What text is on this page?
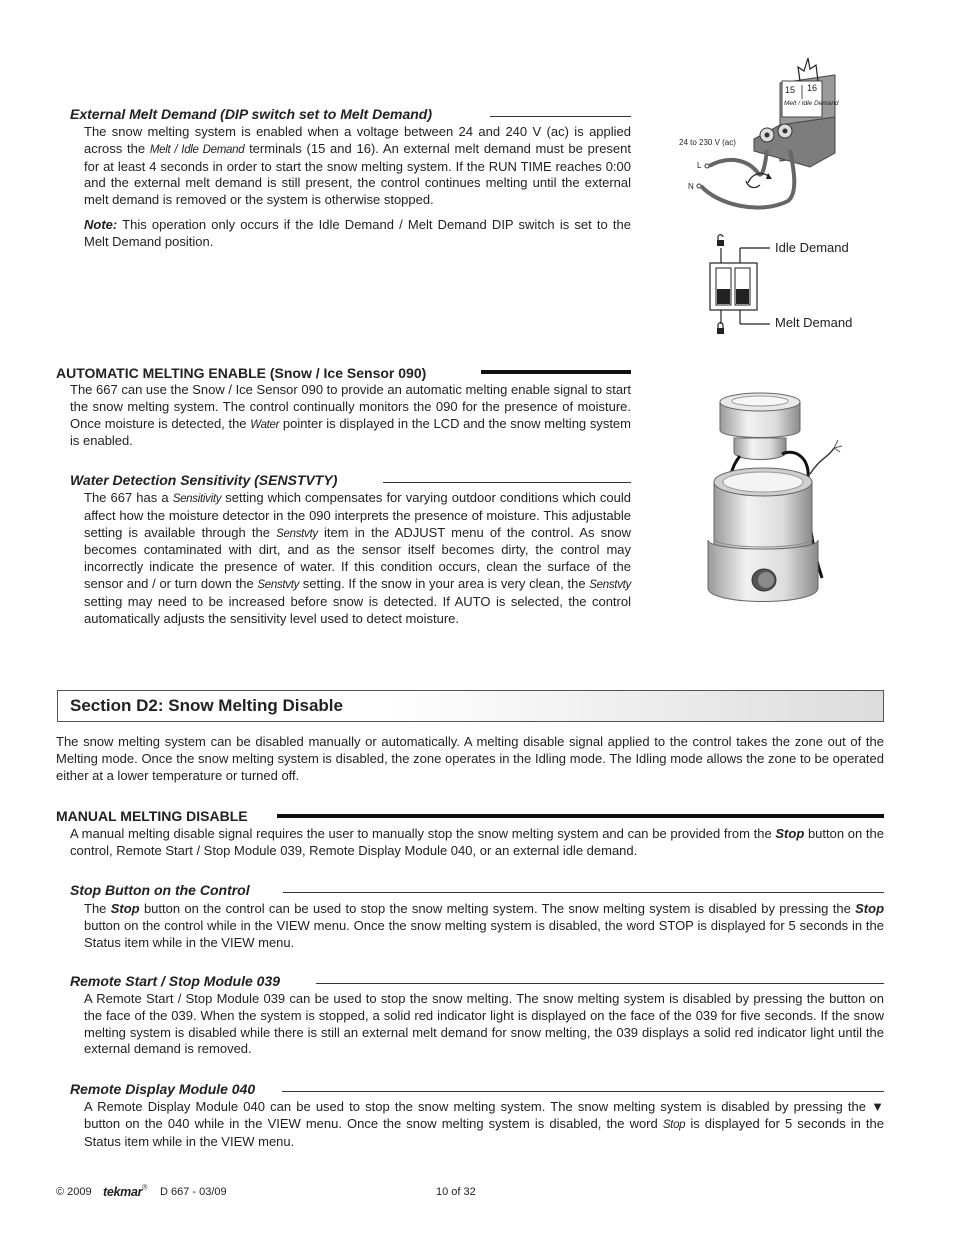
External Melt Demand (DIP switch set to Melt Demand)

The snow melting system is enabled when a voltage between 24 and 240 V (ac) is applied across the Melt / Idle Demand terminals (15 and 16). An external melt demand must be present for at least 4 seconds in order to start the snow melting system. If the RUN TIME reaches 0:00 and the external melt demand is still present, the control continues melting until the external melt demand is removed or the system is otherwise stopped.

Note: This operation only occurs if the Idle Demand / Melt Demand DIP switch is set to the Melt Demand position.

15 16
Melt / Idle Demand
24 to 230 V (ac)
L
N
Idle Demand
Melt Demand
AUTOMATIC MELTING ENABLE (Snow / Ice Sensor 090)

The 667 can use the Snow / Ice Sensor 090 to provide an automatic melting enable signal to start the snow melting system. The control continually monitors the 090 for the presence of moisture. Once moisture is detected, the Water pointer is displayed in the LCD and the snow melting system is enabled.

Water Detection Sensitivity (SENSTVTY)

The 667 has a Sensitivity setting which compensates for varying outdoor conditions which could affect how the moisture detector in the 090 interprets the presence of moisture. This adjustable setting is available through the Senstvty item in the ADJUST menu of the control. As snow becomes contaminated with dirt, and as the sensor itself becomes dirty, the control may incorrectly indicate the presence of water. If this condition occurs, clean the surface of the sensor and / or turn down the Senstvty setting. If the snow in your area is very clean, the Senstvty setting may need to be increased before snow is detected. If AUTO is selected, the control automatically adjusts the sensitivity level used to detect moisture.

Section D2: Snow Melting Disable

The snow melting system can be disabled manually or automatically. A melting disable signal applied to the control takes the zone out of the Melting mode. Once the snow melting system is disabled, the zone operates in the Idling mode. The Idling mode allows the zone to be operated either at a lower temperature or turned off.

MANUAL MELTING DISABLE

A manual melting disable signal requires the user to manually stop the snow melting system and can be provided from the Stop button on the control, Remote Start / Stop Module 039, Remote Display Module 040, or an external idle demand.

Stop Button on the Control

The Stop button on the control can be used to stop the snow melting system. The snow melting system is disabled by pressing the Stop button on the control while in the VIEW menu. Once the snow melting system is disabled, the word STOP is displayed for 5 seconds in the Status item while in the VIEW menu.

Remote Start / Stop Module 039

A Remote Start / Stop Module 039 can be used to stop the snow melting. The snow melting system is disabled by pressing the button on the face of the 039. When the system is stopped, a solid red indicator light is displayed on the face of the 039 for five seconds. If the snow melting system is disabled while there is still an external melt demand for snow melting, the 039 displays a solid red indicator light until the external demand is removed.

Remote Display Module 040

A Remote Display Module 040 can be used to stop the snow melting system. The snow melting system is disabled by pressing the ▼ button on the 040 while in the VIEW menu. Once the snow melting system is disabled, the word Stop is displayed for 5 seconds in the Status item while in the VIEW menu.

© 2009 tekmar® D 667 - 03/09	10 of 32
